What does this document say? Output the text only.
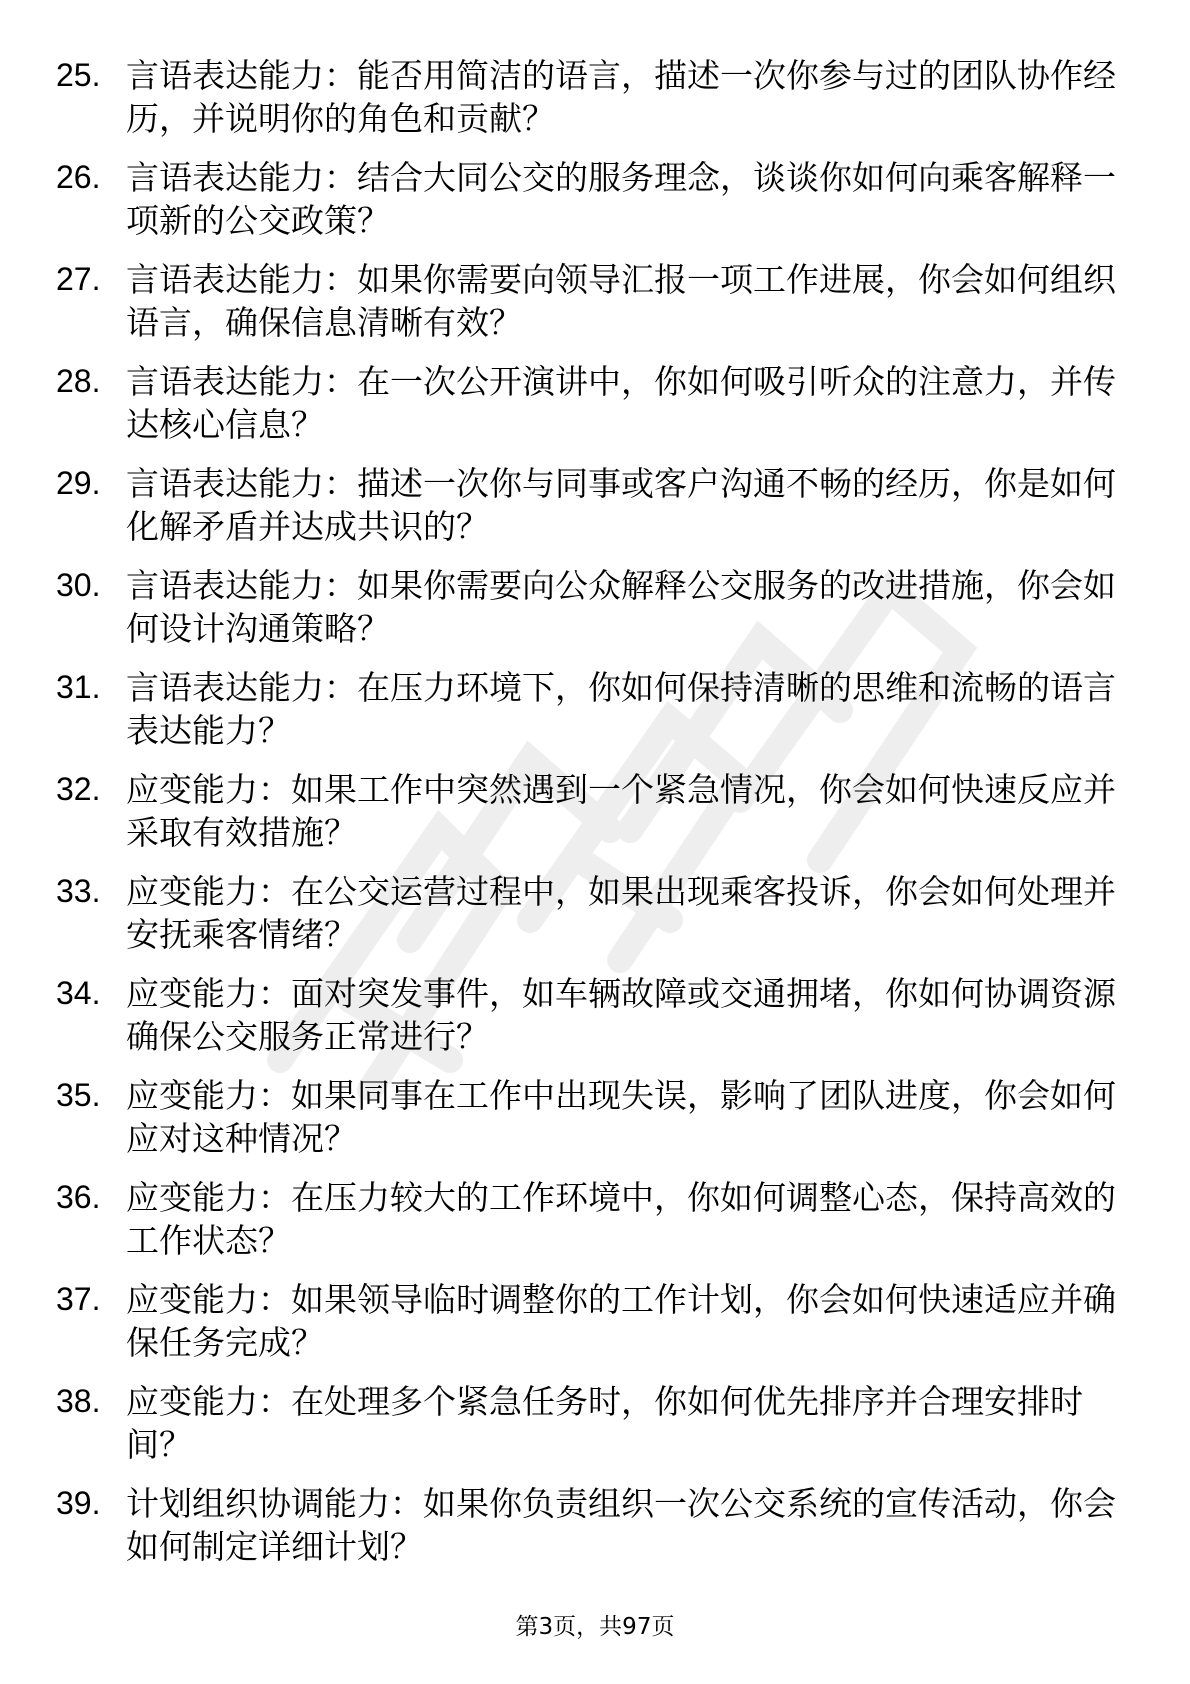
25. 言语表达能力：能否用简洁的语言，描述一次你参与过的团队协作经历，并说明你的角色和贡献？
26. 言语表达能力：结合大同公交的服务理念，谈谈你如何向乘客解释一项新的公交政策？
27. 言语表达能力：如果你需要向领导汇报一项工作进展，你会如何组织语言，确保信息清晰有效？
28. 言语表达能力：在一次公开演讲中，你如何吸引听众的注意力，并传达核心信息？
29. 言语表达能力：描述一次你与同事或客户沟通不畅的经历，你是如何化解矛盾并达成共识的？
30. 言语表达能力：如果你需要向公众解释公交服务的改进措施，你会如何设计沟通策略？
31. 言语表达能力：在压力环境下，你如何保持清晰的思维和流畅的语言表达能力？
32. 应变能力：如果工作中突然遇到一个紧急情况，你会如何快速反应并采取有效措施？
33. 应变能力：在公交运营过程中，如果出现乘客投诉，你会如何处理并安抚乘客情绪？
34. 应变能力：面对突发事件，如车辆故障或交通拥堵，你如何协调资源确保公交服务正常进行？
35. 应变能力：如果同事在工作中出现失误，影响了团队进度，你会如何应对这种情况？
36. 应变能力：在压力较大的工作环境中，你如何调整心态，保持高效的工作状态？
37. 应变能力：如果领导临时调整你的工作计划，你会如何快速适应并确保任务完成？
38. 应变能力：在处理多个紧急任务时，你如何优先排序并合理安排时间？
39. 计划组织协调能力：如果你负责组织一次公交系统的宣传活动，你会如何制定详细计划？
第3页，共97页
